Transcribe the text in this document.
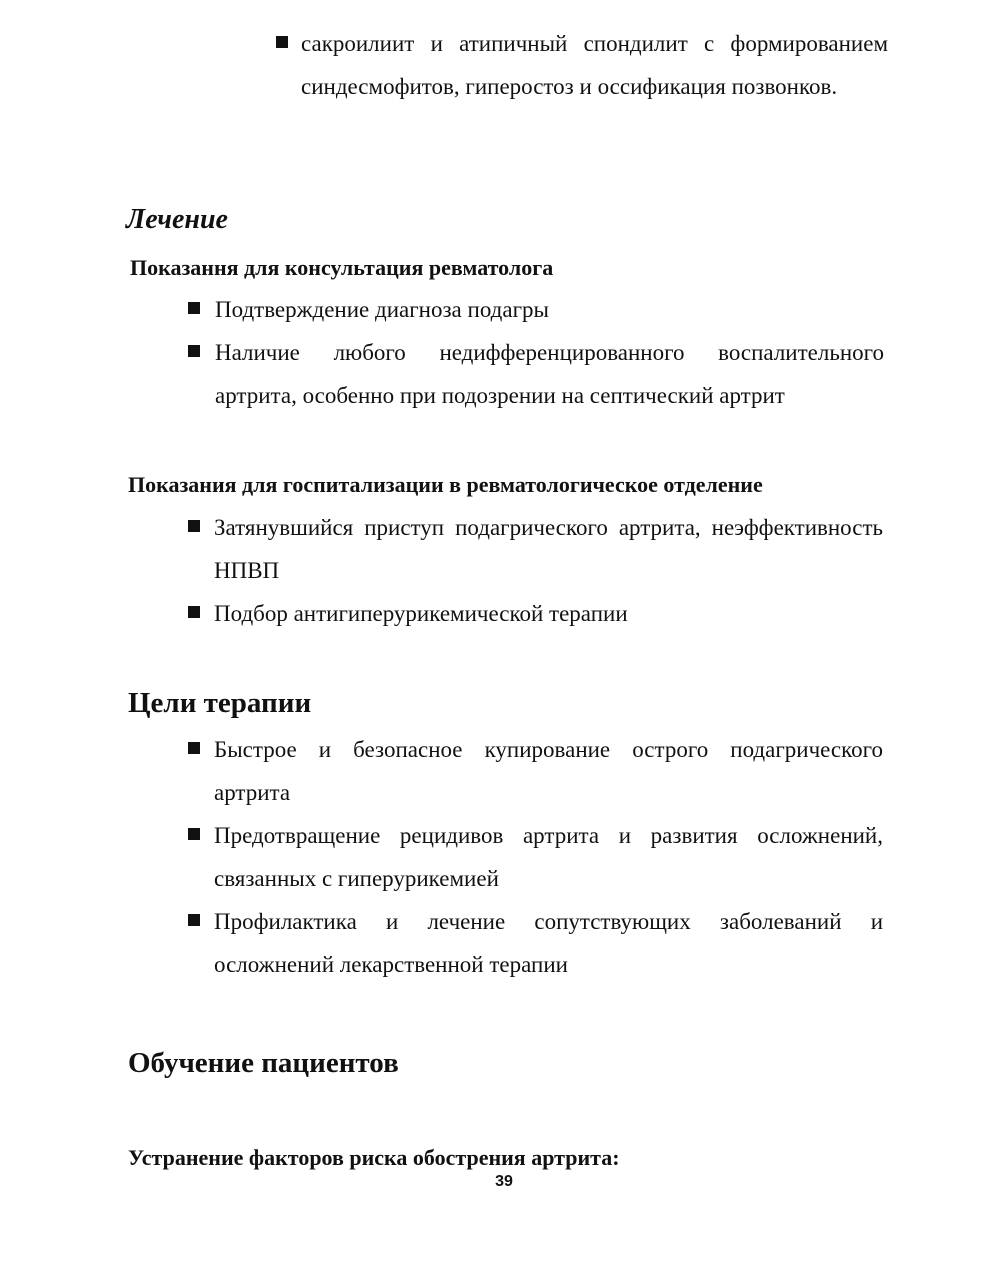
сакроилиит и атипичный спондилит с формированием синдесмофитов, гиперостоз и оссификация позвонков.
Лечение
Показання для консультация ревматолога
Подтверждение диагноза подагры
Наличие любого недифференцированного воспалительного артрита, особенно при подозрении на септический артрит
Показания для госпитализации в ревматологическое отделение
Затянувшийся приступ подагрического артрита, неэффективность НПВП
Подбор антигиперурикемической терапии
Цели терапии
Быстрое и безопасное купирование острого подагрического артрита
Предотвращение рецидивов артрита и развития осложнений, связанных с гиперурикемией
Профилактика и лечение сопутствующих заболеваний и осложнений лекарственной терапии
Обучение пациентов
Устранение факторов риска обострения артрита:
39
